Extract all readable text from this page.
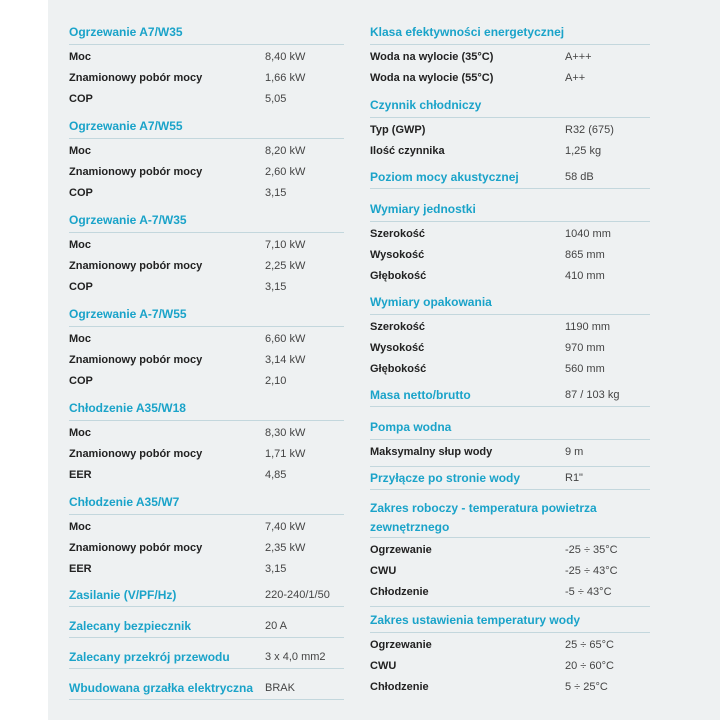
Ogrzewanie A7/W35
Moc	8,40 kW
Znamionowy pobór mocy	1,66 kW
COP	5,05
Ogrzewanie A7/W55
Moc	8,20 kW
Znamionowy pobór mocy	2,60 kW
COP	3,15
Ogrzewanie A-7/W35
Moc	7,10 kW
Znamionowy pobór mocy	2,25 kW
COP	3,15
Ogrzewanie A-7/W55
Moc	6,60 kW
Znamionowy pobór mocy	3,14 kW
COP	2,10
Chłodzenie A35/W18
Moc	8,30 kW
Znamionowy pobór mocy	1,71 kW
EER	4,85
Chłodzenie A35/W7
Moc	7,40 kW
Znamionowy pobór mocy	2,35 kW
EER	3,15
Zasilanie (V/PF/Hz)	220-240/1/50
Zalecany bezpiecznik	20 A
Zalecany przekrój przewodu	3 x 4,0 mm2
Wbudowana grzałka elektryczna	BRAK
Klasa efektywności energetycznej
Woda na wylocie (35°C)	A+++
Woda na wylocie (55°C)	A++
Czynnik chłodniczy
Typ (GWP)	R32 (675)
Ilość czynnika	1,25 kg
Poziom mocy akustycznej	58 dB
Wymiary jednostki
Szerokość	1040 mm
Wysokość	865 mm
Głębokość	410 mm
Wymiary opakowania
Szerokość	1190 mm
Wysokość	970 mm
Głębokość	560 mm
Masa netto/brutto	87 / 103 kg
Pompa wodna
Maksymalny słup wody	9 m
Przyłącze po stronie wody	R1"
Zakres roboczy - temperatura powietrza zewnętrznego
Ogrzewanie	-25 ÷ 35°C
CWU	-25 ÷ 43°C
Chłodzenie	-5 ÷ 43°C
Zakres ustawienia temperatury wody
Ogrzewanie	25 ÷ 65°C
CWU	20 ÷ 60°C
Chłodzenie	5 ÷ 25°C
